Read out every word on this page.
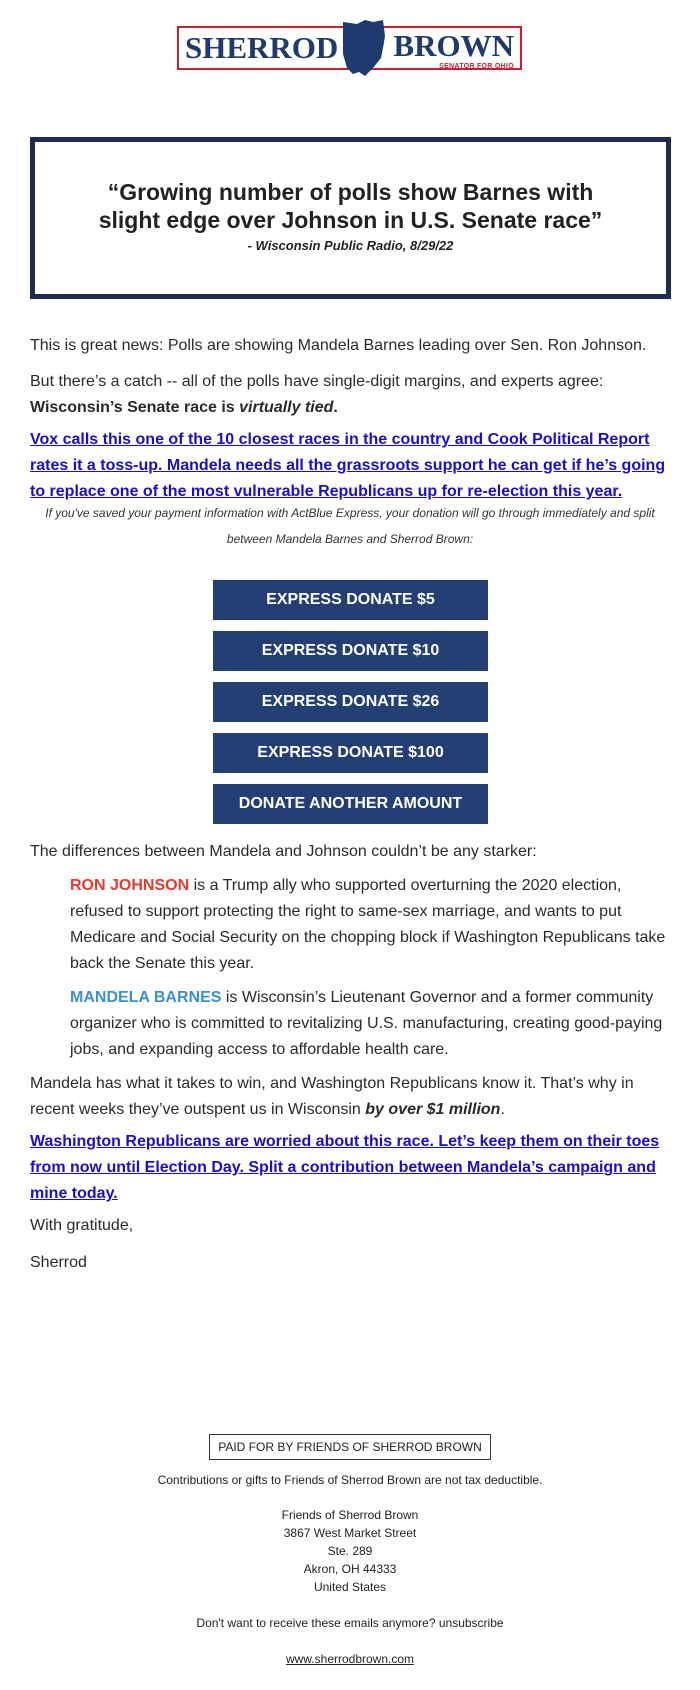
SHERROD BROWN
SENATOR FOR OHIO
“Growing number of polls show Barnes with slight edge over Johnson in U.S. Senate race”
- Wisconsin Public Radio, 8/29/22
This is great news: Polls are showing Mandela Barnes leading over Sen. Ron Johnson.
But there’s a catch -- all of the polls have single-digit margins, and experts agree:
Wisconsin’s Senate race is virtually tied.
Vox calls this one of the 10 closest races in the country and Cook Political Report rates it a toss-up. Mandela needs all the grassroots support he can get if he’s going to replace one of the most vulnerable Republicans up for re-election this year.
If you've saved your payment information with ActBlue Express, your donation will go through immediately and split between Mandela Barnes and Sherrod Brown:
EXPRESS DONATE $5
EXPRESS DONATE $10
EXPRESS DONATE $26
EXPRESS DONATE $100
DONATE ANOTHER AMOUNT
The differences between Mandela and Johnson couldn’t be any starker:
RON JOHNSON is a Trump ally who supported overturning the 2020 election, refused to support protecting the right to same-sex marriage, and wants to put Medicare and Social Security on the chopping block if Washington Republicans take back the Senate this year.
MANDELA BARNES is Wisconsin’s Lieutenant Governor and a former community organizer who is committed to revitalizing U.S. manufacturing, creating good-paying jobs, and expanding access to affordable health care.
Mandela has what it takes to win, and Washington Republicans know it. That’s why in recent weeks they’ve outspent us in Wisconsin by over $1 million.
Washington Republicans are worried about this race. Let’s keep them on their toes from now until Election Day. Split a contribution between Mandela’s campaign and mine today.
With gratitude,
Sherrod
PAID FOR BY FRIENDS OF SHERROD BROWN
Contributions or gifts to Friends of Sherrod Brown are not tax deductible.
Friends of Sherrod Brown
3867 West Market Street
Ste. 289
Akron, OH 44333
United States
Don't want to receive these emails anymore? unsubscribe
www.sherrodbrown.com
